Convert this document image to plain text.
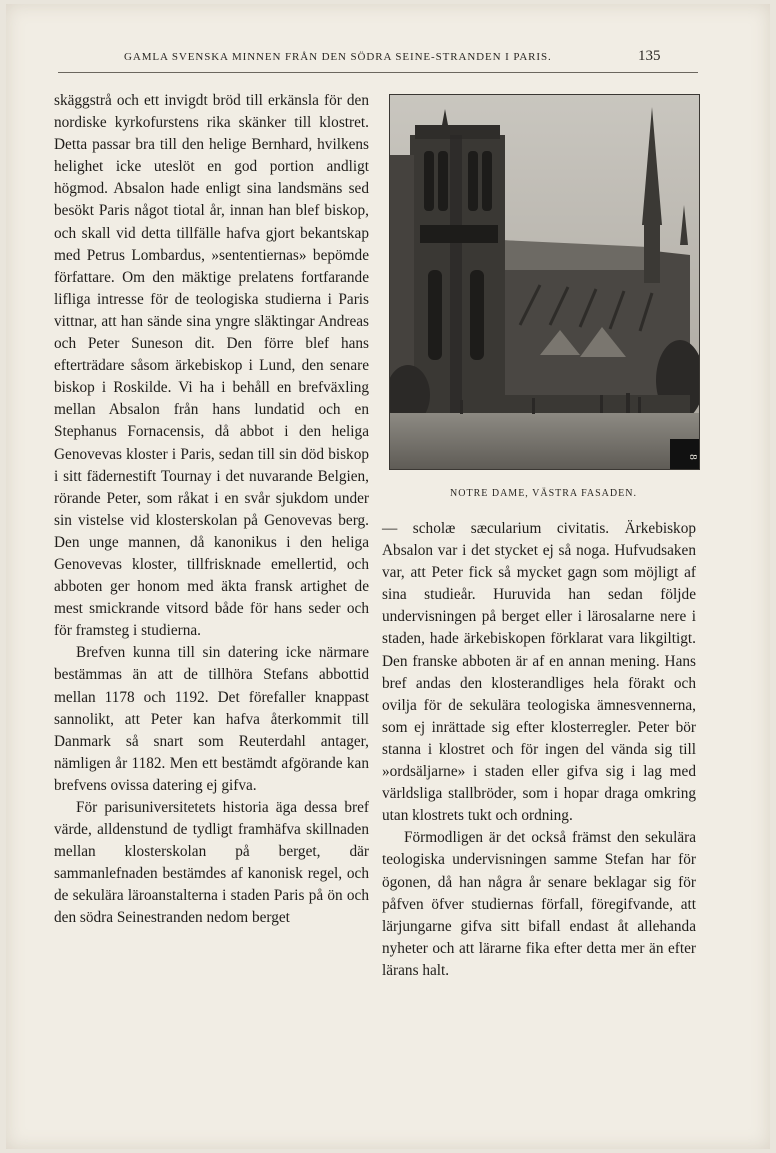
GAMLA SVENSKA MINNEN FRÅN DEN SÖDRA SEINE-STRANDEN I PARIS.	135

skäggstrå och ett invigdt bröd till erkänsla för den nordiske kyrkofurstens rika skänker till klostret. Detta passar bra till den helige Bernhard, hvilkens helighet icke uteslöt en god portion andligt högmod. Absalon hade enligt sina landsmäns sed besökt Paris något tiotal år, innan han blef biskop, och skall vid detta tillfälle hafva gjort bekantskap med Petrus Lombardus, »sententiernas» beрömde författare. Om den mäktige prelatens fortfarande lifliga intresse för de teologiska studierna i Paris vittnar, att han sände sina yngre släktingar Andreas och Peter Suneson dit. Den förre blef hans efterträdare såsom ärkebiskop i Lund, den senare biskop i Roskilde. Vi ha i behåll en brefväxling mellan Absalon från hans lundatid och en Stephanus Fornacensis, då abbot i den heliga Genovevas kloster i Paris, sedan till sin död biskop i sitt fädernestift Tournay i det nuvarande Belgien, rörande Peter, som råkat i en svår sjukdom under sin vistelse vid klosterskolan på Genovevas berg. Den unge mannen, då kanonikus i den heliga Genovevas kloster, tillfrisknade emellertid, och abboten ger honom med äkta fransk artighet de mest smickrande vitsord både för hans seder och för framsteg i studierna.

Brefven kunna till sin datering icke närmare bestämmas än att de tillhöra Stefans abbottid mellan 1178 och 1192. Det förefaller knappast sannolikt, att Peter kan hafva återkommit till Danmark så snart som Reuterdahl antager, nämligen år 1182. Men ett bestämdt afgörande kan brefvens ovissa datering ej gifva.

För parisuniversitetets historia äga dessa bref värde, alldenstund de tydligt framhäfva skillnaden mellan klosterskolan på berget, där sammanlefnaden bestämdes af kanonisk regel, och de sekulära läroanstalterna i staden Paris på ön och den södra Seinestranden nedom berget

8
NOTRE DAME, VÄSTRA FASADEN.

— scholæ sæcularium civitatis. Ärkebiskop Absalon var i det stycket ej så noga. Hufvudsaken var, att Peter fick så mycket gagn som möjligt af sina studieår. Huruvida han sedan följde undervisningen på berget eller i lärosalarne nere i staden, hade ärkebiskopen förklarat vara likgiltigt. Den franske abboten är af en annan mening. Hans bref andas den klosterandliges hela förakt och ovilja för de sekulära teologiska ämnesvennerna, som ej inrättade sig efter klosterregler. Peter bör stanna i klostret och för ingen del vända sig till »ordsäljarne» i staden eller gifva sig i lag med världsliga stallbröder, som i hopar draga omkring utan klostrets tukt och ordning.

Förmodligen är det också främst den sekulära teologiska undervisningen samme Stefan har för ögonen, då han några år senare beklagar sig för påfven öfver studiernas förfall, föregifvande, att lärjungarne gifva sitt bifall endast åt allehanda nyheter och att lärarne fika efter detta mer än efter lärans halt.
